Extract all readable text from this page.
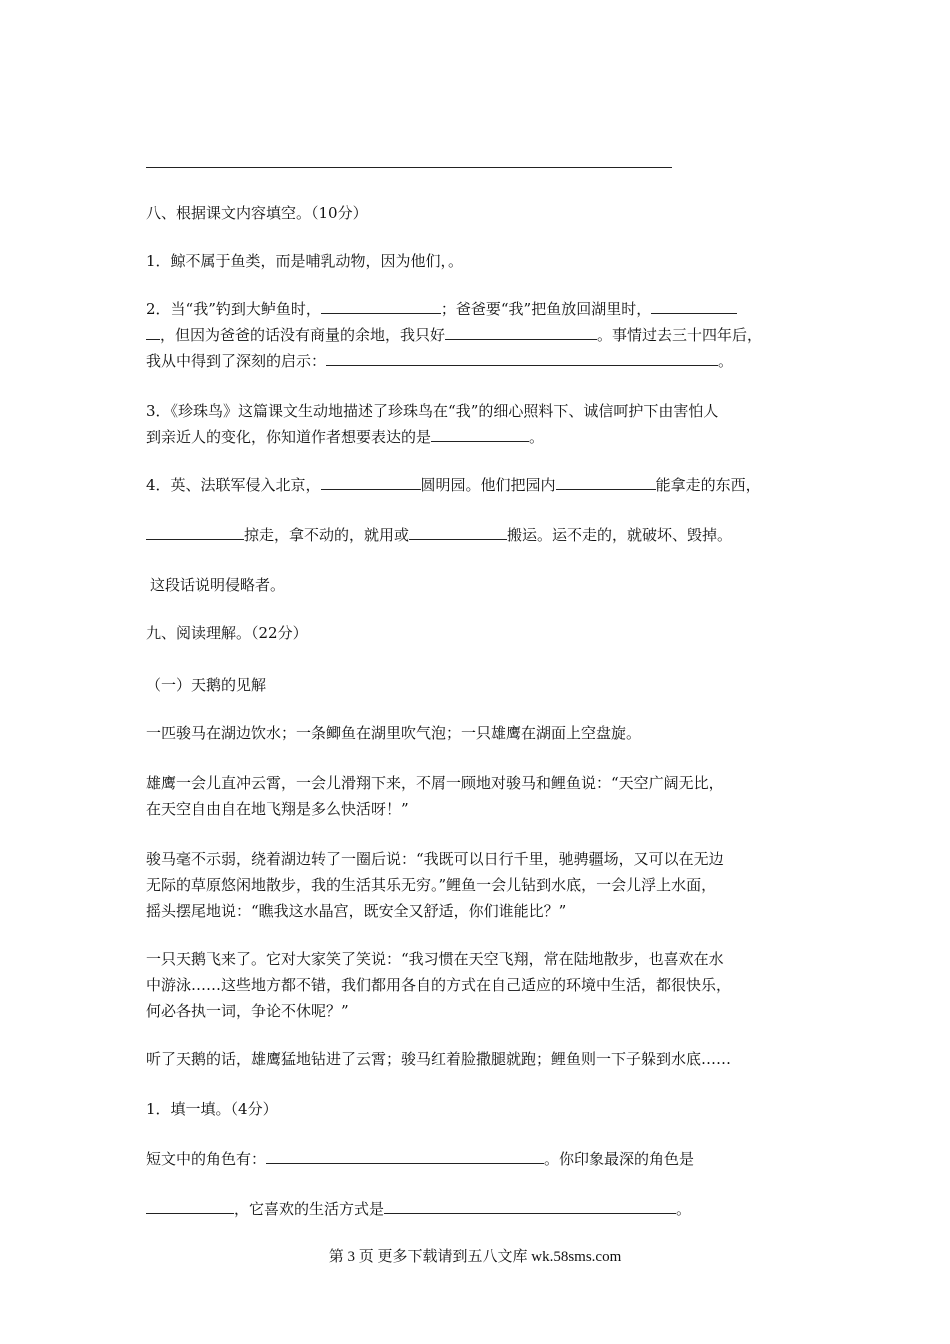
八、根据课文内容填空。（10分）
1．鲸不属于鱼类，而是哺乳动物，因为他们，。
2．当“我”钓到大鲈鱼时，	；爸爸要“我”把鱼放回湖里时，
，但因为爸爸的话没有商量的余地，我只好	。事情过去三十四年后，
我从中得到了深刻的启示：	。
3．《珍珠鸟》这篇课文生动地描述了珍珠鸟在“我”的细心照料下、诚信呵护下由害怕人
到亲近人的变化，你知道作者想要表达的是	。
4．英、法联军侵入北京，	圆明园。他们把园内	能拿走的东西，
掠走，拿不动的，就用或	搬运。运不走的，就破坏、毁掉。
这段话说明侵略者。
九、阅读理解。（22分）
（一）天鹅的见解
一匹骏马在湖边饮水；一条鲫鱼在湖里吹气泡；一只雄鹰在湖面上空盘旋。
雄鹰一会儿直冲云霄，一会儿滑翔下来，不屑一顾地对骏马和鲤鱼说：“天空广阔无比，
在天空自由自在地飞翔是多么快活呀！”
骏马毫不示弱，绕着湖边转了一圈后说：“我既可以日行千里，驰骋疆场，又可以在无边
无际的草原悠闲地散步，我的生活其乐无穷。”鲤鱼一会儿钻到水底，一会儿浮上水面，
摇头摆尾地说：“瞧我这水晶宫，既安全又舒适，你们谁能比？”
一只天鹅飞来了。它对大家笑了笑说：“我习惯在天空飞翔，常在陆地散步，也喜欢在水
中游泳……这些地方都不错，我们都用各自的方式在自己适应的环境中生活，都很快乐，
何必各执一词，争论不休呢？”
听了天鹅的话，雄鹰猛地钻进了云霄；骏马红着脸撒腿就跑；鲤鱼则一下子躲到水底……
1．填一填。（4分）
短文中的角色有：	。你印象最深的角色是
，它喜欢的生活方式是	。
第 3 页 更多下载请到五八文库 wk.58sms.com
